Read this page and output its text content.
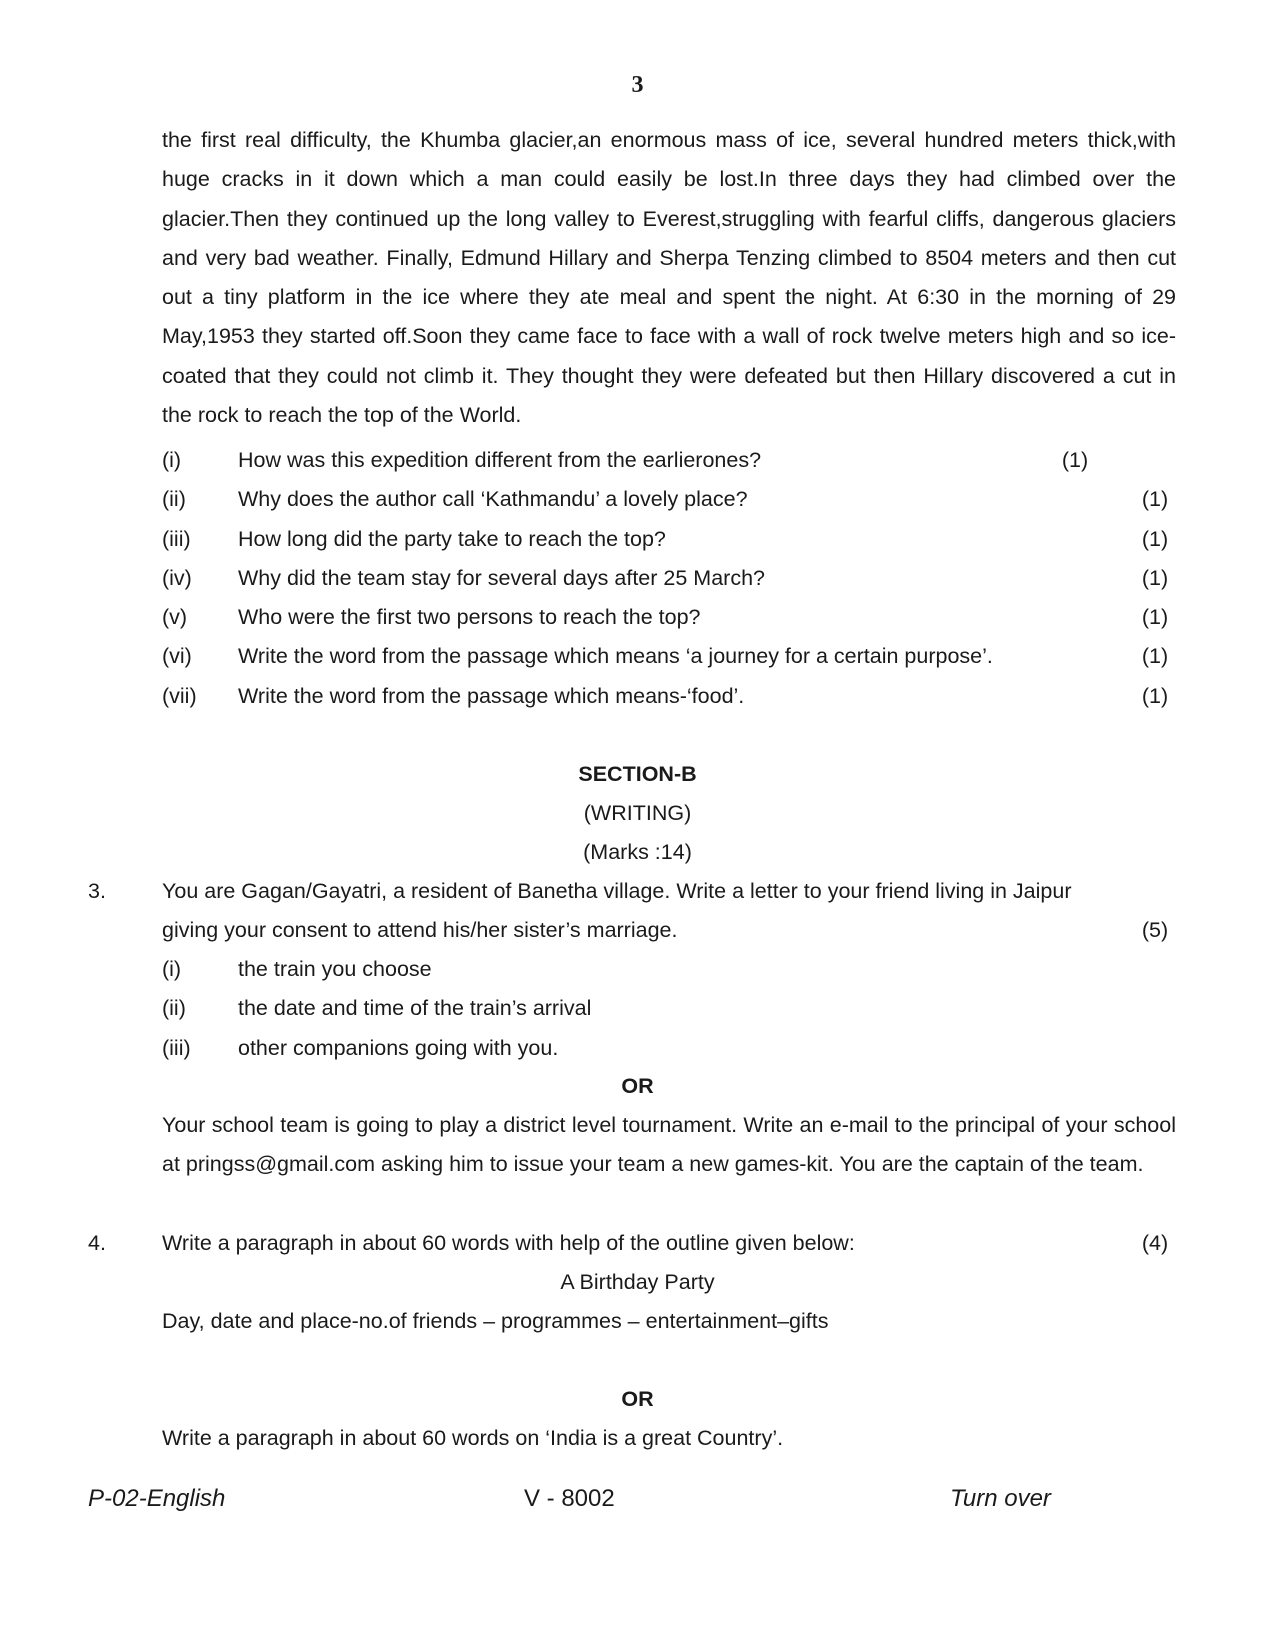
3

the first real difficulty, the Khumba glacier,an enormous mass of ice, several hundred meters thick,with huge cracks in it down which a man could easily be lost.In three days they had climbed over the glacier.Then they continued up the long valley to Everest,struggling with fearful cliffs, dangerous glaciers and very bad weather. Finally, Edmund Hillary and Sherpa Tenzing climbed to 8504 meters and then cut out a tiny platform in the ice where they ate meal and spent the night. At 6:30 in the morning of 29 May,1953 they started off.Soon they came face to face with a wall of rock twelve meters high and so ice-coated that they could not climb it. They thought they were defeated but then Hillary discovered a cut in the rock to reach the top of the World.

(i)	How was this expedition different from the earlierones?	(1)
(ii) Why does the author call ‘Kathmandu’ a lovely place?	(1)
(iii) How long did the party take to reach the top?	(1)
(iv) Why did the team stay for several days after 25 March?	(1)
(v) Who were the first two persons to reach the top?	(1)
(vi) Write the word from the passage which means ‘a journey for a certain purpose’.	(1)
(vii) Write the word from the passage which means-‘food’.	(1)

SECTION-B

(WRITING)

(Marks :14)

3.	You are Gagan/Gayatri, a resident of Banetha village. Write a letter to your friend living in Jaipur

giving your consent to attend his/her sister’s marriage.	(5)
(i)	the train you choose
(ii) the date and time of the train’s arrival
(iii) other companions going with you.

OR

Your school team is going to play a district level tournament. Write an e-mail to the principal of your school at pringss@gmail.com asking him to issue your team a new games-kit. You are the captain of the team.

4.	Write a paragraph in about 60 words with help of the outline given below:	(4)

A Birthday Party

Day, date and place-no.of friends – programmes – entertainment–gifts

OR

Write a paragraph in about 60 words on ‘India is a great Country’.

P-02-English	V - 8002	Turn over
